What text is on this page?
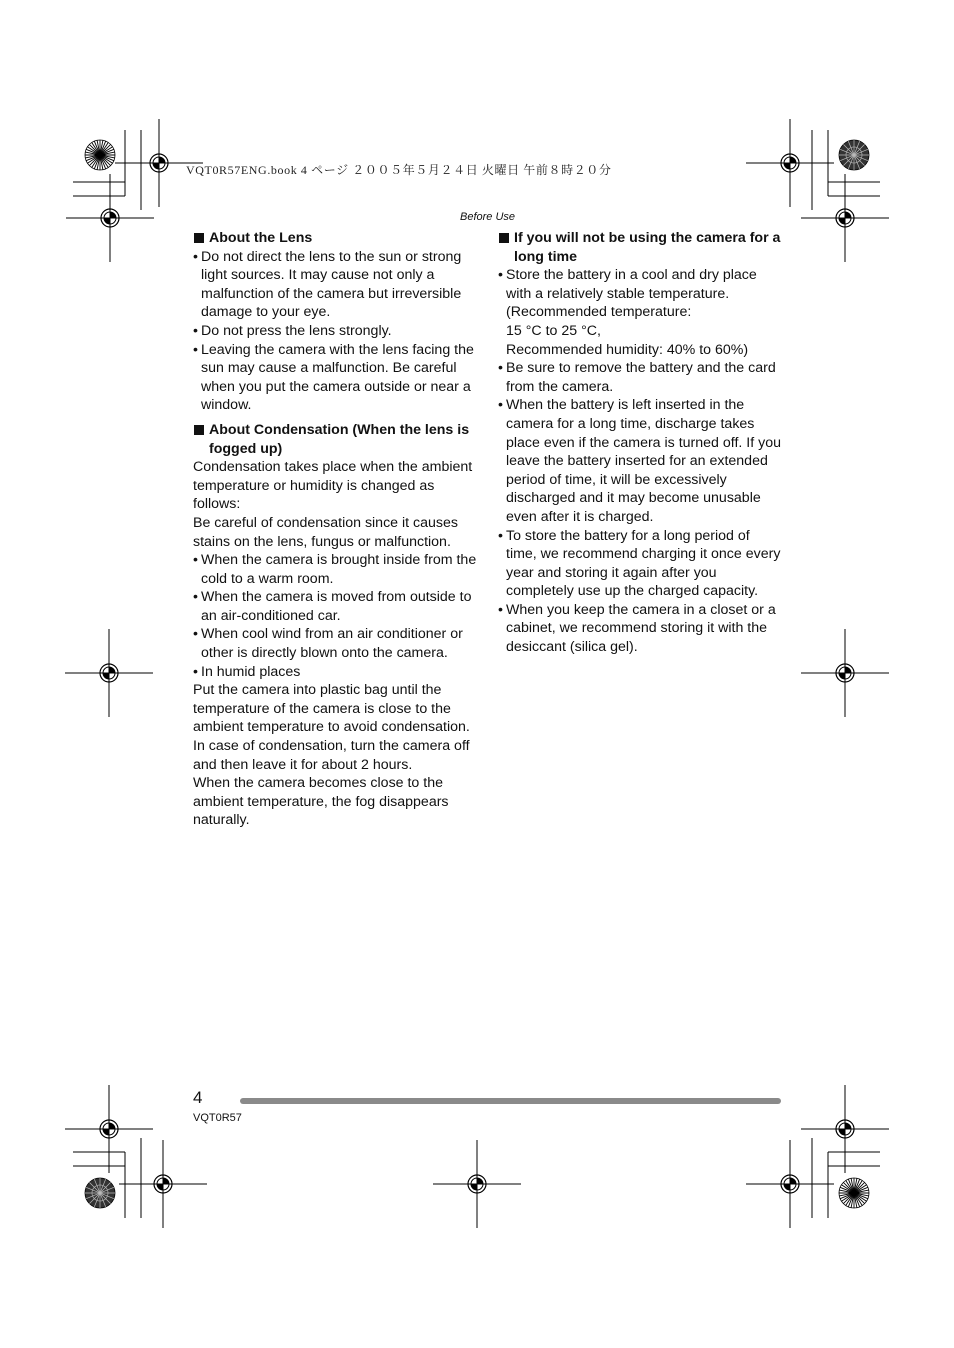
VQT0R57ENG.book 4 ページ ２００５年５月２４日 火曜日 午前８時２０分
Before Use
About the Lens
• Do not direct the lens to the sun or strong light sources. It may cause not only a malfunction of the camera but irreversible damage to your eye.
• Do not press the lens strongly.
• Leaving the camera with the lens facing the sun may cause a malfunction. Be careful when you put the camera outside or near a window.
About Condensation (When the lens is fogged up)
Condensation takes place when the ambient temperature or humidity is changed as follows:
Be careful of condensation since it causes stains on the lens, fungus or malfunction.
• When the camera is brought inside from the cold to a warm room.
• When the camera is moved from outside to an air-conditioned car.
• When cool wind from an air conditioner or other is directly blown onto the camera.
• In humid places
Put the camera into plastic bag until the temperature of the camera is close to the ambient temperature to avoid condensation. In case of condensation, turn the camera off and then leave it for about 2 hours.
When the camera becomes close to the ambient temperature, the fog disappears naturally.
If you will not be using the camera for a long time
• Store the battery in a cool and dry place with a relatively stable temperature. (Recommended temperature:
15 °C to 25 °C,
Recommended humidity: 40% to 60%)
• Be sure to remove the battery and the card from the camera.
• When the battery is left inserted in the camera for a long time, discharge takes place even if the camera is turned off. If you leave the battery inserted for an extended period of time, it will be excessively discharged and it may become unusable even after it is charged.
• To store the battery for a long period of time, we recommend charging it once every year and storing it again after you completely use up the charged capacity.
• When you keep the camera in a closet or a cabinet, we recommend storing it with the desiccant (silica gel).
4
VQT0R57
